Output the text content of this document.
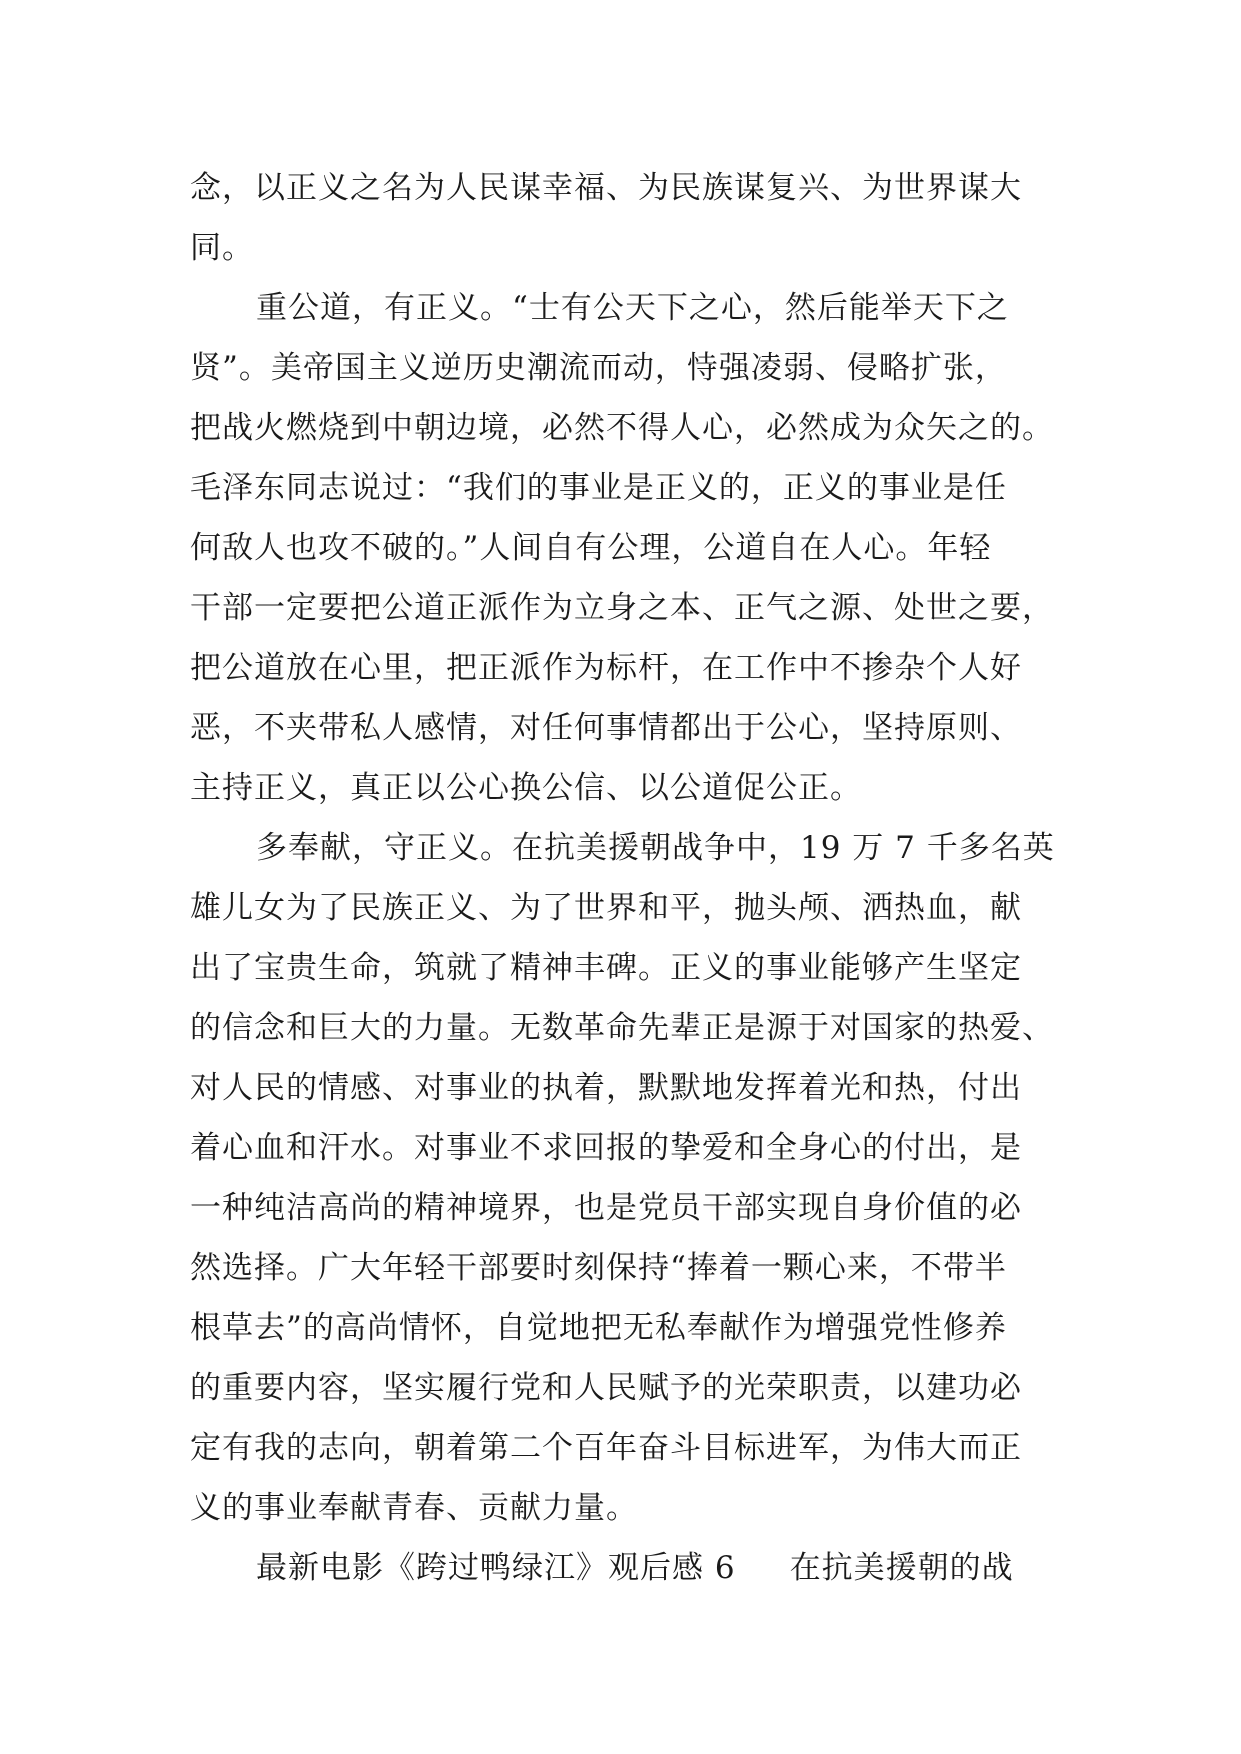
念，以正义之名为人民谋幸福、为民族谋复兴、为世界谋大
同。
重公道，有正义。“士有公天下之心，然后能举天下之
贤”。美帝国主义逆历史潮流而动，恃强凌弱、侵略扩张，
把战火燃烧到中朝边境，必然不得人心，必然成为众矢之的。
毛泽东同志说过：“我们的事业是正义的，正义的事业是任
何敌人也攻不破的。”人间自有公理，公道自在人心。年轻
干部一定要把公道正派作为立身之本、正气之源、处世之要，
把公道放在心里，把正派作为标杆，在工作中不掺杂个人好
恶，不夹带私人感情，对任何事情都出于公心，坚持原则、
主持正义，真正以公心换公信、以公道促公正。
多奉献，守正义。在抗美援朝战争中，19 万 7 千多名英
雄儿女为了民族正义、为了世界和平，抛头颅、洒热血，献
出了宝贵生命，筑就了精神丰碑。正义的事业能够产生坚定
的信念和巨大的力量。无数革命先辈正是源于对国家的热爱、
对人民的情感、对事业的执着，默默地发挥着光和热，付出
着心血和汗水。对事业不求回报的挚爱和全身心的付出，是
一种纯洁高尚的精神境界，也是党员干部实现自身价值的必
然选择。广大年轻干部要时刻保持“捧着一颗心来，不带半
根草去”的高尚情怀，自觉地把无私奉献作为增强党性修养
的重要内容，坚实履行党和人民赋予的光荣职责，以建功必
定有我的志向，朝着第二个百年奋斗目标进军，为伟大而正
义的事业奉献青春、贡献力量。
最新电影《跨过鸭绿江》观后感 6 在抗美援朝的战
